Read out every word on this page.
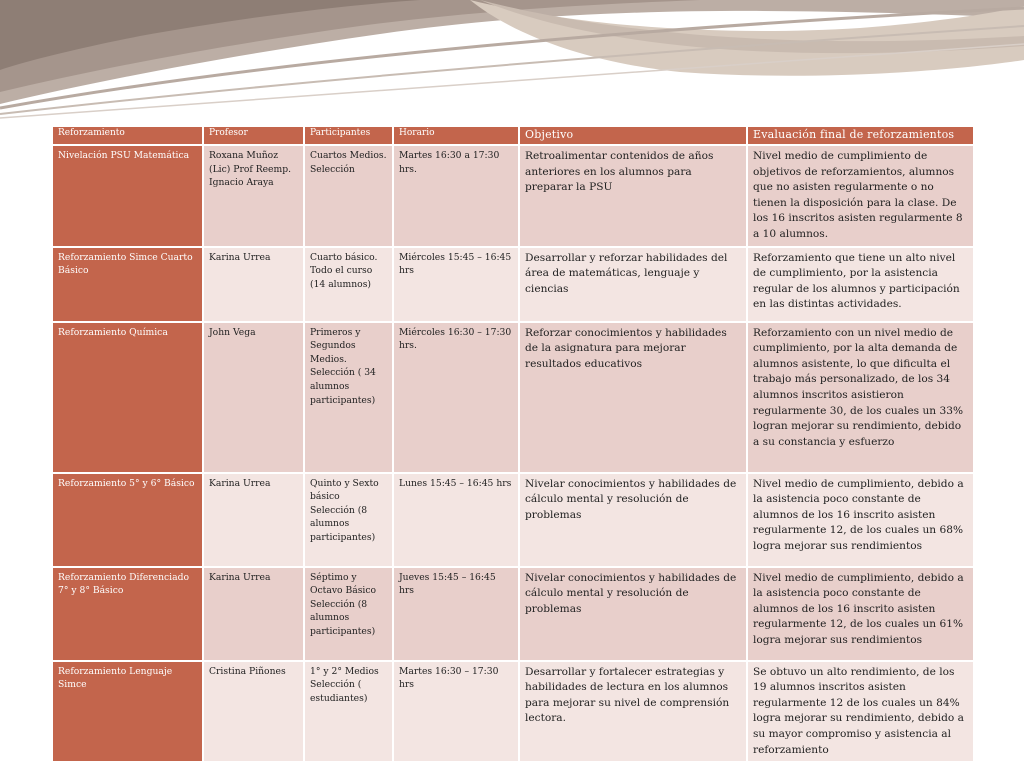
Reforzamiento	Profesor	Participantes	Horario	Objetivo	Evaluación final de reforzamientos
Nivelación PSU Matemática	Roxana Muñoz (Lic) Prof Reemp. Ignacio Araya	Cuartos Medios. Selección	Martes 16:30 a 17:30 hrs.	Retroalimentar contenidos de años anteriores en los alumnos para preparar la PSU	Nivel medio de cumplimiento de objetivos de reforzamientos, alumnos que no asisten regularmente o no tienen la disposición para la clase. De los 16 inscritos asisten regularmente 8 a 10 alumnos.
Reforzamiento Simce Cuarto Básico	Karina Urrea	Cuarto básico. Todo el curso (14 alumnos)	Miércoles 15:45 – 16:45 hrs	Desarrollar y reforzar habilidades del área de matemáticas, lenguaje y ciencias	Reforzamiento que tiene un alto nivel de cumplimiento, por la asistencia regular de los alumnos y participación en las distintas actividades.
Reforzamiento Química	John Vega	Primeros y Segundos Medios. Selección ( 34 alumnos participantes)	Miércoles 16:30 – 17:30 hrs.	Reforzar conocimientos y habilidades de la asignatura para mejorar resultados educativos	Reforzamiento con un nivel medio de cumplimiento, por la alta demanda de alumnos asistente, lo que dificulta el trabajo más personalizado, de los 34 alumnos inscritos asistieron regularmente 30, de los cuales un 33% logran mejorar su rendimiento, debido a su constancia y esfuerzo
Reforzamiento 5° y 6° Básico	Karina Urrea	Quinto y Sexto básico Selección (8 alumnos participantes)	Lunes 15:45 – 16:45 hrs	Nivelar conocimientos y habilidades de cálculo mental y resolución de problemas	Nivel medio de cumplimiento, debido a la asistencia poco constante de alumnos de los 16 inscrito asisten regularmente 12, de los cuales un 68% logra mejorar sus rendimientos
Reforzamiento Diferenciado 7° y 8° Básico	Karina Urrea	Séptimo y Octavo Básico Selección (8 alumnos participantes)	Jueves 15:45 – 16:45 hrs	Nivelar conocimientos y habilidades de cálculo mental y resolución de problemas	Nivel medio de cumplimiento, debido a la asistencia poco constante de alumnos de los 16 inscrito asisten regularmente 12, de los cuales un 61% logra mejorar sus rendimientos
Reforzamiento Lenguaje Simce	Cristina Piñones	1° y 2° Medios Selección ( estudiantes)	Martes 16:30 – 17:30 hrs	Desarrollar y fortalecer estrategias y habilidades de lectura en los alumnos para mejorar su nivel de comprensión lectora.	Se obtuvo un alto rendimiento, de los 19 alumnos inscritos asisten regularmente 12 de los cuales un 84% logra mejorar su rendimiento, debido a su mayor compromiso y asistencia al reforzamiento
